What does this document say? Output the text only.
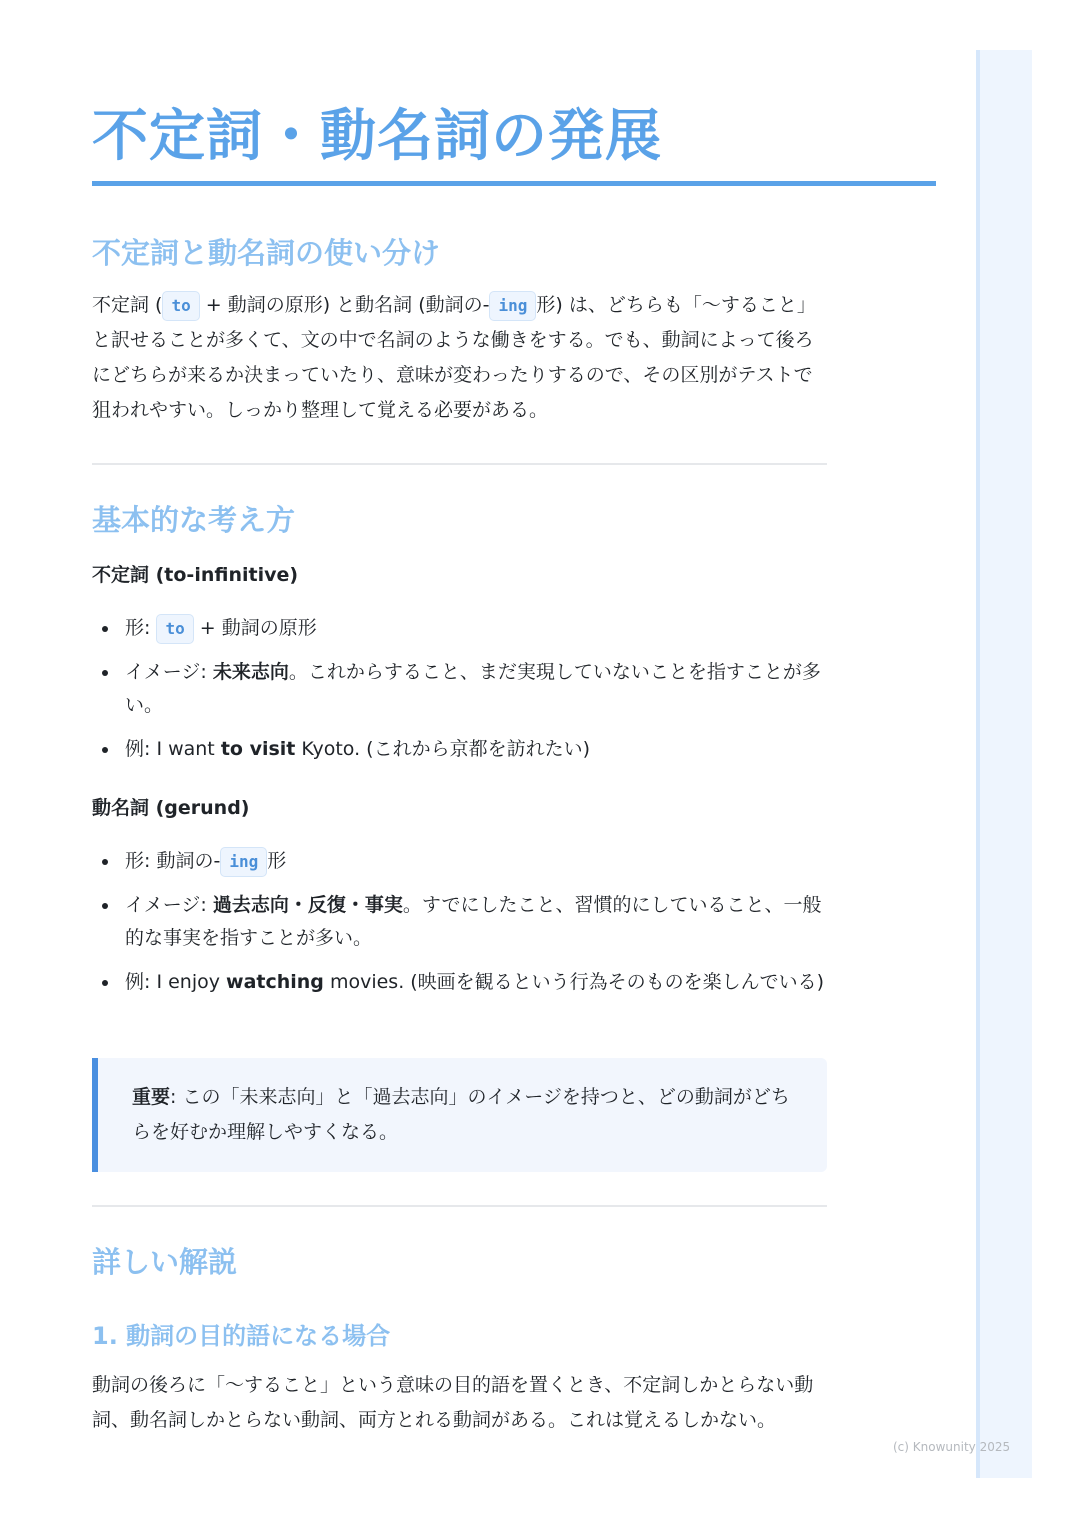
(c) Knowunity 2025
不定詞・動名詞の発展
不定詞と動名詞の使い分け

不定詞 ( to + 動詞の原形) と動名詞 (動詞の- ing 形) は、どちらも「〜すること」と訳せることが多くて、文の中で名詞のような働きをする。でも、動詞によって後ろにどちらが来るか決まっていたり、意味が変わったりするので、その区別がテストで狙われやすい。しっかり整理して覚える必要がある。

基本的な考え方

不定詞 (to-infinitive)

形: to + 動詞の原形
イメージ: 未来志向。これからすること、まだ実現していないことを指すことが多い。
例: I want to visit Kyoto. (これから京都を訪れたい)

動名詞 (gerund)

形: 動詞の- ing 形
イメージ: 過去志向・反復・事実。すでにしたこと、習慣的にしていること、一般的な事実を指すことが多い。
例: I enjoy watching movies. (映画を観るという行為そのものを楽しんでいる)
重要: この「未来志向」と「過去志向」のイメージを持つと、どの動詞がどちらを好むか理解しやすくなる。
詳しい解説
1. 動詞の目的語になる場合

動詞の後ろに「〜すること」という意味の目的語を置くとき、不定詞しかとらない動詞、動名詞しかとらない動詞、両方とれる動詞がある。これは覚えるしかない。
